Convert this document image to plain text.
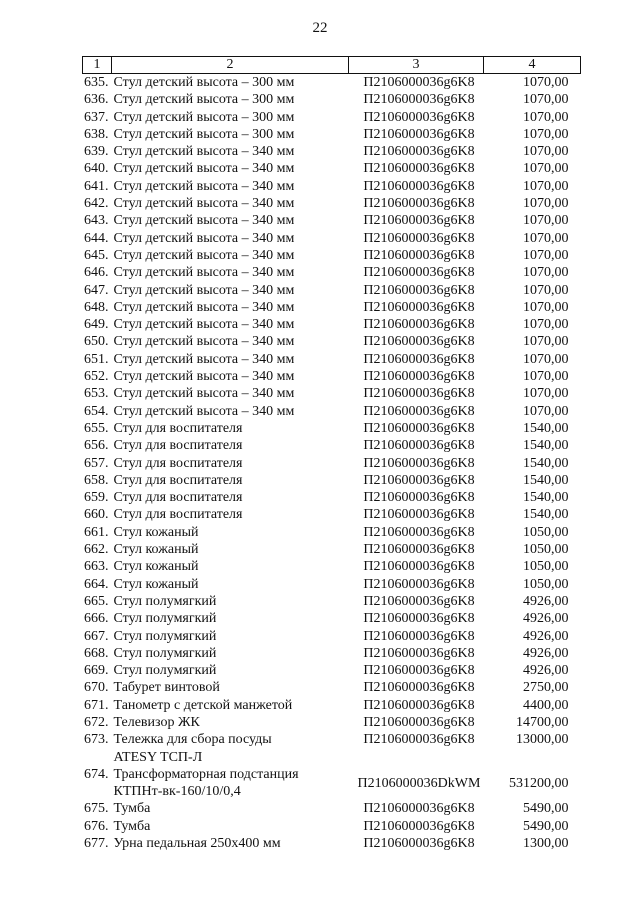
22
1	2	3	4
635.	Стул детский высота – 300 мм	П2106000036g6K8	1070,00
636.	Стул детский высота – 300 мм	П2106000036g6K8	1070,00
637.	Стул детский высота – 300 мм	П2106000036g6K8	1070,00
638.	Стул детский высота – 300 мм	П2106000036g6K8	1070,00
639.	Стул детский высота – 340 мм	П2106000036g6K8	1070,00
640.	Стул детский высота – 340 мм	П2106000036g6K8	1070,00
641.	Стул детский высота – 340 мм	П2106000036g6K8	1070,00
642.	Стул детский высота – 340 мм	П2106000036g6K8	1070,00
643.	Стул детский высота – 340 мм	П2106000036g6K8	1070,00
644.	Стул детский высота – 340 мм	П2106000036g6K8	1070,00
645.	Стул детский высота – 340 мм	П2106000036g6K8	1070,00
646.	Стул детский высота – 340 мм	П2106000036g6K8	1070,00
647.	Стул детский высота – 340 мм	П2106000036g6K8	1070,00
648.	Стул детский высота – 340 мм	П2106000036g6K8	1070,00
649.	Стул детский высота – 340 мм	П2106000036g6K8	1070,00
650.	Стул детский высота – 340 мм	П2106000036g6K8	1070,00
651.	Стул детский высота – 340 мм	П2106000036g6K8	1070,00
652.	Стул детский высота – 340 мм	П2106000036g6K8	1070,00
653.	Стул детский высота – 340 мм	П2106000036g6K8	1070,00
654.	Стул детский высота – 340 мм	П2106000036g6K8	1070,00
655.	Стул для воспитателя	П2106000036g6K8	1540,00
656.	Стул для воспитателя	П2106000036g6K8	1540,00
657.	Стул для воспитателя	П2106000036g6K8	1540,00
658.	Стул для воспитателя	П2106000036g6K8	1540,00
659.	Стул для воспитателя	П2106000036g6K8	1540,00
660.	Стул для воспитателя	П2106000036g6K8	1540,00
661.	Стул кожаный	П2106000036g6K8	1050,00
662.	Стул кожаный	П2106000036g6K8	1050,00
663.	Стул кожаный	П2106000036g6K8	1050,00
664.	Стул кожаный	П2106000036g6K8	1050,00
665.	Стул полумягкий	П2106000036g6K8	4926,00
666.	Стул полумягкий	П2106000036g6K8	4926,00
667.	Стул полумягкий	П2106000036g6K8	4926,00
668.	Стул полумягкий	П2106000036g6K8	4926,00
669.	Стул полумягкий	П2106000036g6K8	4926,00
670.	Табурет винтовой	П2106000036g6K8	2750,00
671.	Танометр с детской манжетой	П2106000036g6K8	4400,00
672.	Телевизор ЖК	П2106000036g6K8	14700,00
673.	Тележка для сбора посуды
ATESY ТСП-Л	П2106000036g6K8	13000,00
674.	Трансформаторная подстанция
КТПНт-вк-160/10/0,4	П2106000036DkWM	531200,00
675.	Тумба	П2106000036g6K8	5490,00
676.	Тумба	П2106000036g6K8	5490,00
677.	Урна педальная 250х400 мм	П2106000036g6K8	1300,00
